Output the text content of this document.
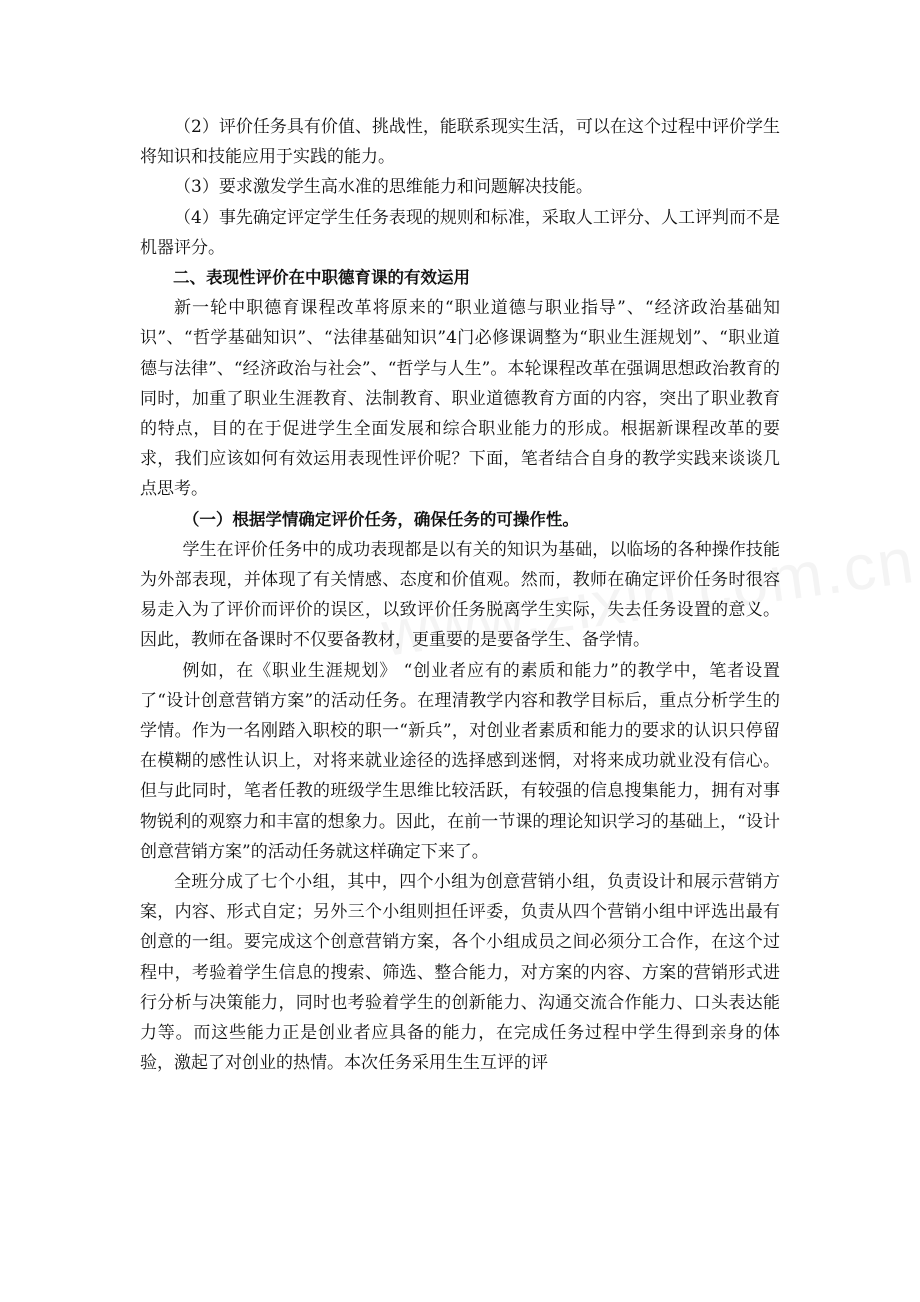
（2）评价任务具有价值、挑战性，能联系现实生活，可以在这个过程中评价学生将知识和技能应用于实践的能力。

（3）要求激发学生高水准的思维能力和问题解决技能。

（4）事先确定评定学生任务表现的规则和标准，采取人工评分、人工评判而不是机器评分。

二、表现性评价在中职德育课的有效运用

新一轮中职德育课程改革将原来的“职业道德与职业指导”、“经济政治基础知识”、“哲学基础知识”、“法律基础知识”4门必修课调整为“职业生涯规划”、“职业道德与法律”、“经济政治与社会”、“哲学与人生”。本轮课程改革在强调思想政治教育的同时，加重了职业生涯教育、法制教育、职业道德教育方面的内容，突出了职业教育的特点，目的在于促进学生全面发展和综合职业能力的形成。根据新课程改革的要求，我们应该如何有效运用表现性评价呢？下面，笔者结合自身的教学实践来谈谈几点思考。

（一）根据学情确定评价任务，确保任务的可操作性。

学生在评价任务中的成功表现都是以有关的知识为基础，以临场的各种操作技能为外部表现，并体现了有关情感、态度和价值观。然而，教师在确定评价任务时很容易走入为了评价而评价的误区，以致评价任务脱离学生实际，失去任务设置的意义。因此，教师在备课时不仅要备教材，更重要的是要备学生、备学情。

例如，在《职业生涯规划》 “创业者应有的素质和能力”的教学中，笔者设置了“设计创意营销方案”的活动任务。在理清教学内容和教学目标后，重点分析学生的学情。作为一名刚踏入职校的职一“新兵”，对创业者素质和能力的要求的认识只停留在模糊的感性认识上，对将来就业途径的选择感到迷惘，对将来成功就业没有信心。但与此同时，笔者任教的班级学生思维比较活跃，有较强的信息搜集能力，拥有对事物锐利的观察力和丰富的想象力。因此，在前一节课的理论知识学习的基础上，“设计创意营销方案”的活动任务就这样确定下来了。

全班分成了七个小组，其中，四个小组为创意营销小组，负责设计和展示营销方案，内容、形式自定；另外三个小组则担任评委，负责从四个营销小组中评选出最有创意的一组。要完成这个创意营销方案，各个小组成员之间必须分工合作，在这个过程中，考验着学生信息的搜索、筛选、整合能力，对方案的内容、方案的营销形式进行分析与决策能力，同时也考验着学生的创新能力、沟通交流合作能力、口头表达能力等。而这些能力正是创业者应具备的能力，在完成任务过程中学生得到亲身的体验，激起了对创业的热情。本次任务采用生生互评的评
